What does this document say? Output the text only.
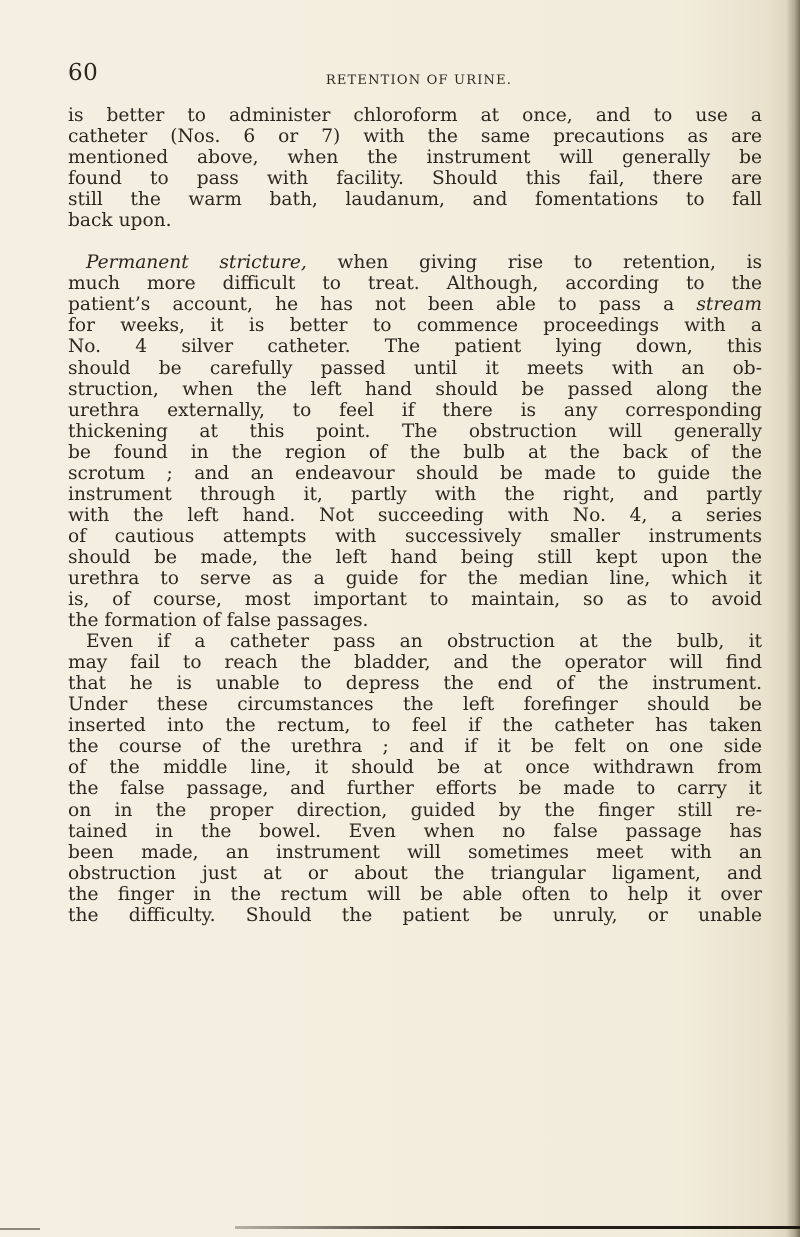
60	RETENTION OF URINE.
is better to administer chloroform at once, and to use a
catheter (Nos. 6 or 7) with the same precautions as are
mentioned above, when the instrument will generally be
found to pass with facility. Should this fail, there are
still the warm bath, laudanum, and fomentations to fall
back upon.
Permanent stricture, when giving rise to retention, is
much more difficult to treat. Although, according to the
patient’s account, he has not been able to pass a stream
for weeks, it is better to commence proceedings with a
No. 4 silver catheter. The patient lying down, this
should be carefully passed until it meets with an ob-
struction, when the left hand should be passed along the
urethra externally, to feel if there is any corresponding
thickening at this point. The obstruction will generally
be found in the region of the bulb at the back of the
scrotum ; and an endeavour should be made to guide the
instrument through it, partly with the right, and partly
with the left hand. Not succeeding with No. 4, a series
of cautious attempts with successively smaller instruments
should be made, the left hand being still kept upon the
urethra to serve as a guide for the median line, which it
is, of course, most important to maintain, so as to avoid
the formation of false passages.
Even if a catheter pass an obstruction at the bulb, it
may fail to reach the bladder, and the operator will find
that he is unable to depress the end of the instrument.
Under these circumstances the left forefinger should be
inserted into the rectum, to feel if the catheter has taken
the course of the urethra ; and if it be felt on one side
of the middle line, it should be at once withdrawn from
the false passage, and further efforts be made to carry it
on in the proper direction, guided by the finger still re-
tained in the bowel. Even when no false passage has
been made, an instrument will sometimes meet with an
obstruction just at or about the triangular ligament, and
the finger in the rectum will be able often to help it over
the difficulty. Should the patient be unruly, or unable
